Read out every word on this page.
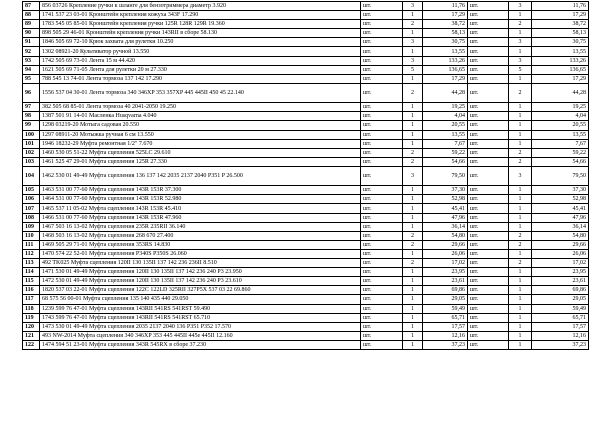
87	856 03726 Крепление ручки к шланге для бензотриммера диаметр 3.920	шт.	3	11,76	шт.	3	11,76
88	1741 537 23 03-01 Кронштейн крепления кожуха 343F 17.290	шт.	1	17,29	шт.	1	17,29
89	1783 545 05 85-01 Кронштейн крепления ручки 125R 128R 129R 19.360	шт.	2	38,72	шт.	2	38,72
90	898 505 29 46-01 Кронштейн крепления ручки 143RII в сборе 58.130	шт.	1	58,13	шт.	1	58,13
91	1846 505 69 72-10 Крюк захвата для рулетки 10.250	шт.	3	30,75	шт.	3	30,75
92	1302 08921-20 Культиватор ручной 13.550	шт.	1	13,55	шт.	1	13,55
93	1742 505 69 73-01 Лента 15 м 44.420	шт.	3	133,26	шт.	3	133,26
94	1621 505 69 71-05 Лента для рулетки 20 м 27.330	шт.	5	136,65	шт.	5	136,65
95	788 545 13 74-01 Лента тормоза 137 142 17.290	шт.	1	17,29	шт.	1	17,29
96	1556 537 04 30-01 Лента тормоза 340 346XP 353 357XP 445 445II 450 45 22.140	шт.	2	44,28	шт.	2	44,28
97	382 505 68 85-01 Лента тормоза 40 2041-2050 19.250	шт.	1	19,25	шт.	1	19,25
98	1387 501 91 14-01 Масленка Husqvarna 4.040	шт.	1	4,04	шт.	1	4,04
99	1298 03219-20 Мотыга садовая 20.550	шт.	1	20,55	шт.	1	20,55
100	1297 08911-20 Мотыжка ручная 6 см 13.550	шт.	1	13,55	шт.	1	13,55
101	1946 18232-29 Муфта ремонтная 1/2" 7.670	шт.	1	7,67	шт.	1	7,67
102	1460 530 05 51-22 Муфта сцепления 525LC 29.610	шт.	2	59,22	шт.	2	59,22
103	1461 525 47 29-01 Муфта сцепления 125R 27.330	шт.	2	54,66	шт.	2	54,66
104	1462 530 01 49-49 Муфта сцепления 136 137 142 2035 2137 2040 P351 P 26.500	шт.	3	79,50	шт.	3	79,50
105	1463 531 00 77-60 Муфта сцепления 143R 153R 37.300	шт.	1	37,30	шт.	1	37,30
106	1464 531 00 77-60 Муфта сцепления 143R 153R 52.980	шт.	1	52,98	шт.	1	52,98
107	1465 537 11 05-02 Муфта сцепления 143R 153R 45.410	шт.	1	45,41	шт.	1	45,41
108	1466 531 00 77-60 Муфта сцепления 143R 153R 47.960	шт.	1	47,96	шт.	1	47,96
109	1467 503 16 13-02 Муфта сцепления 235R 235RII 36.140	шт.	1	36,14	шт.	1	36,14
110	1468 503 16 13-02 Муфта сцепления 268 670 27.400	шт.	2	54,80	шт.	2	54,80
111	1469 505 29 71-01 Муфта сцепления 353RS 14.830	шт.	2	29,66	шт.	2	29,66
112	1470 574 22 52-01 Муфта сцепления P340S P350S 26.060	шт.	1	26,06	шт.	1	26,06
113	492 TK025 Муфта сцепления 120II 130 135II 137 142 236 236II 8.510	шт.	2	17,02	шт.	2	17,02
114	1471 530 01 49-49 Муфта сцепления 120II 130 135II 137 142 236 240 P3 23.950	шт.	1	23,95	шт.	1	23,95
115	1472 530 01 49-49 Муфта сцепления 120II 130 135II 137 142 236 240 P3 23.610	шт.	1	23,61	шт.	1	23,61
116	1820 537 03 22-01 Муфта сцепления 122C 122LD 325RII 327P5X 537 03 22 69.860	шт.	1	69,86	шт.	1	69,86
117	68 575 56 00-01 Муфта сцепления 135 140 435 440 29.050	шт.	1	29,05	шт.	1	29,05
118	1239 599 76 47-01 Муфта сцепления 143RII 541RS 541RST 59.490	шт.	1	59,49	шт.	1	59,49
119	1743 599 76 47-01 Муфта сцепления 143RII 541RS 541RST 65.710	шт.	1	65,71	шт.	1	65,71
120	1473 530 01 49-49 Муфта сцепления 2035 2137 2040 136 P351 P352 17.570	шт.	1	17,57	шт.	1	17,57
121	493 NW-2014 Муфта сцепления 340 346XP 353 445 445II 445e 445II 12.160	шт.	1	12,16	шт.	1	12,16
122	1474 594 51 23-01 Муфта сцепления 343R 545RX в сборе 37.230	шт.	1	37,23	шт.	1	37,23
